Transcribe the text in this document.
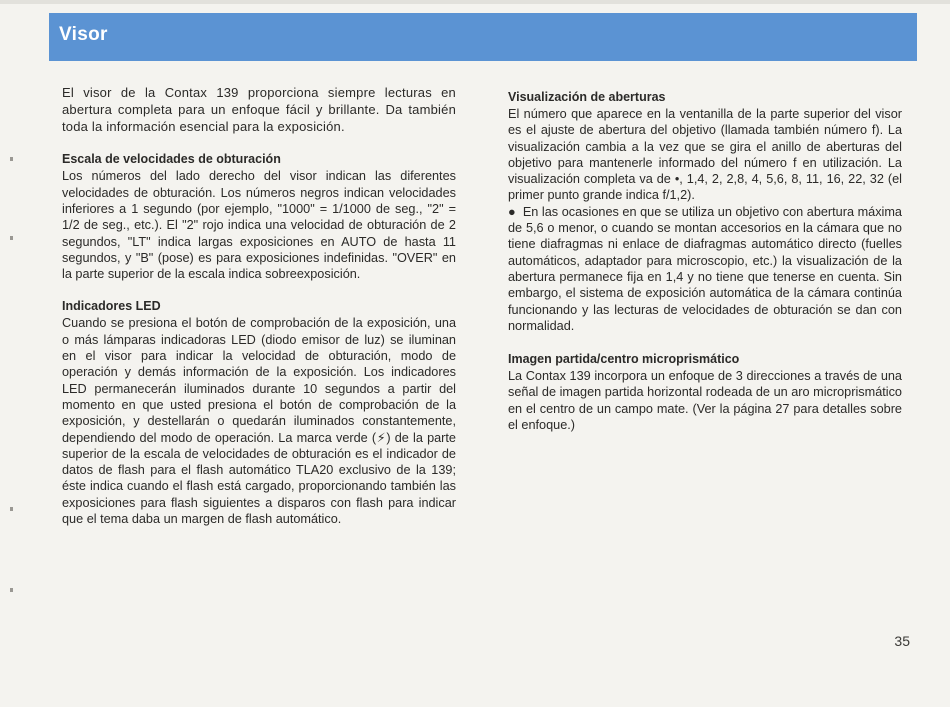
Visor

El visor de la Contax 139 proporciona siempre lecturas en abertura completa para un enfoque fácil y brillante. Da también toda la información esencial para la exposición.

Escala de velocidades de obturación

Los números del lado derecho del visor indican las diferentes velocidades de obturación. Los números negros indican velocidades inferiores a 1 segundo (por ejemplo, "1000" = 1/1000 de seg., "2" = 1/2 de seg., etc.). El "2" rojo indica una velocidad de obturación de 2 segundos, "LT" indica largas exposiciones en AUTO de hasta 11 segundos, y "B" (pose) es para exposiciones indefinidas. "OVER" en la parte superior de la escala indica sobreexposición.

Indicadores LED

Cuando se presiona el botón de comprobación de la exposición, una o más lámparas indicadoras LED (diodo emisor de luz) se iluminan en el visor para indicar la velocidad de obturación, modo de operación y demás información de la exposición. Los indicadores LED permanecerán iluminados durante 10 segundos a partir del momento en que usted presiona el botón de comprobación de la exposición, y destellarán o quedarán iluminados constantemente, dependiendo del modo de operación. La marca verde (⚡) de la parte superior de la escala de velocidades de obturación es el indicador de datos de flash para el flash automático TLA20 exclusivo de la 139; éste indica cuando el flash está cargado, proporcionando también las exposiciones para flash siguientes a disparos con flash para indicar que el tema daba un margen de flash automático.

Visualización de aberturas

El número que aparece en la ventanilla de la parte superior del visor es el ajuste de abertura del objetivo (llamada también número f). La visualización cambia a la vez que se gira el anillo de aberturas del objetivo para mantenerle informado del número f en utilización. La visualización completa va de •, 1,4, 2, 2,8, 4, 5,6, 8, 11, 16, 22, 32 (el primer punto grande indica f/1,2).

● En las ocasiones en que se utiliza un objetivo con abertura máxima de 5,6 o menor, o cuando se montan accesorios en la cámara que no tiene diafragmas ni enlace de diafragmas automático directo (fuelles automáticos, adaptador para microscopio, etc.) la visualización de la abertura permanece fija en 1,4 y no tiene que tenerse en cuenta. Sin embargo, el sistema de exposición automática de la cámara continúa funcionando y las lecturas de velocidades de obturación se dan con normalidad.

Imagen partida/centro microprismático

La Contax 139 incorpora un enfoque de 3 direcciones a través de una señal de imagen partida horizontal rodeada de un aro microprismático en el centro de un campo mate. (Ver la página 27 para detalles sobre el enfoque.)

35
